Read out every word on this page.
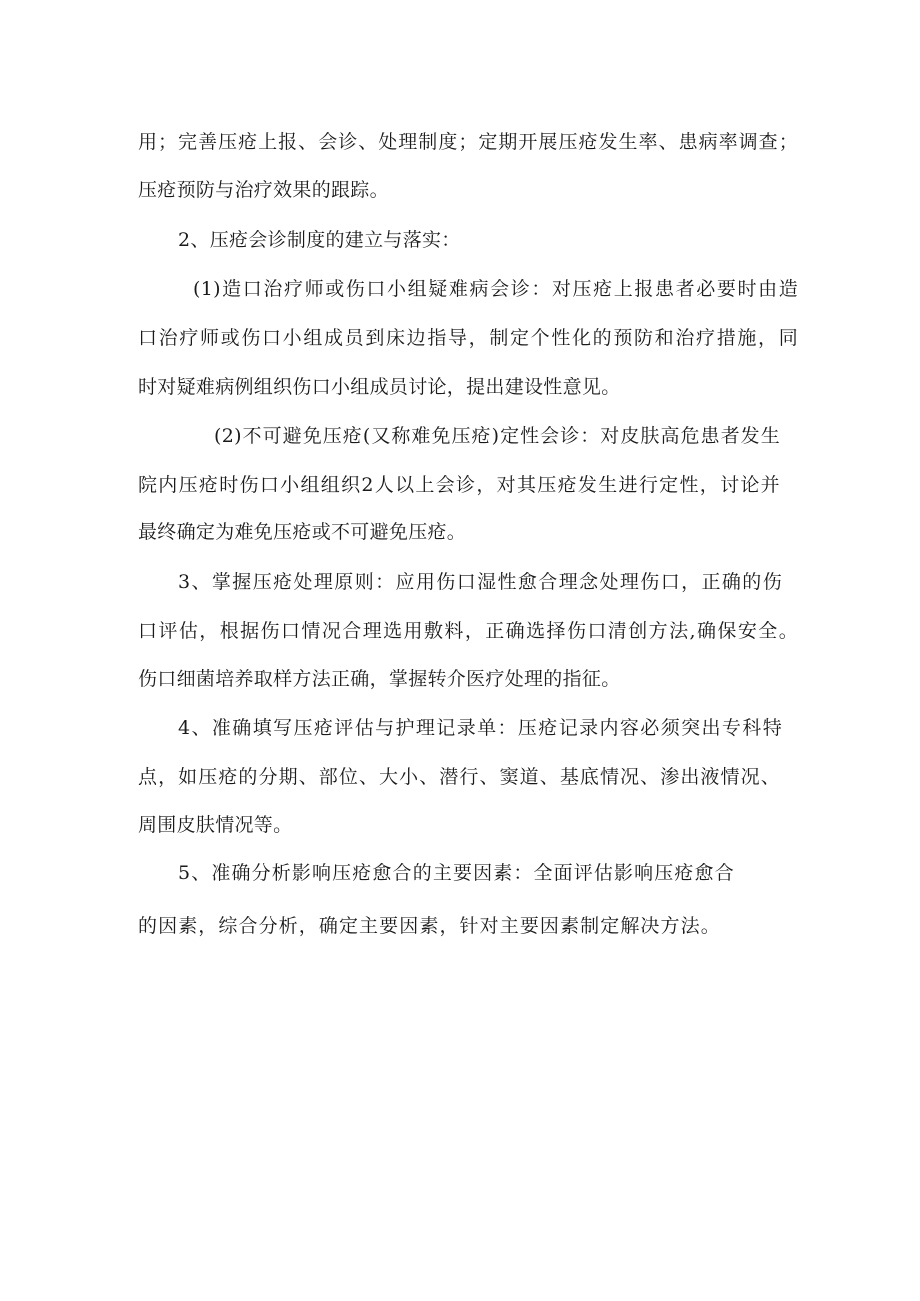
用；完善压疮上报、会诊、处理制度；定期开展压疮发生率、患病率调查；
压疮预防与治疗效果的跟踪。
2、压疮会诊制度的建立与落实：
(1)造口治疗师或伤口小组疑难病会诊：对压疮上报患者必要时由造
口治疗师或伤口小组成员到床边指导，制定个性化的预防和治疗措施，同
时对疑难病例组织伤口小组成员讨论，提出建设性意见。
(2)不可避免压疮(又称难免压疮)定性会诊：对皮肤高危患者发生
院内压疮时伤口小组组织2人以上会诊，对其压疮发生进行定性，讨论并
最终确定为难免压疮或不可避免压疮。
3、掌握压疮处理原则：应用伤口湿性愈合理念处理伤口，正确的伤
口评估，根据伤口情况合理选用敷料，正确选择伤口清创方法,确保安全。
伤口细菌培养取样方法正确，掌握转介医疗处理的指征。
4、准确填写压疮评估与护理记录单：压疮记录内容必须突出专科特
点，如压疮的分期、部位、大小、潜行、窦道、基底情况、渗出液情况、
周围皮肤情况等。
5、准确分析影响压疮愈合的主要因素：全面评估影响压疮愈合
的因素，综合分析，确定主要因素，针对主要因素制定解决方法。
